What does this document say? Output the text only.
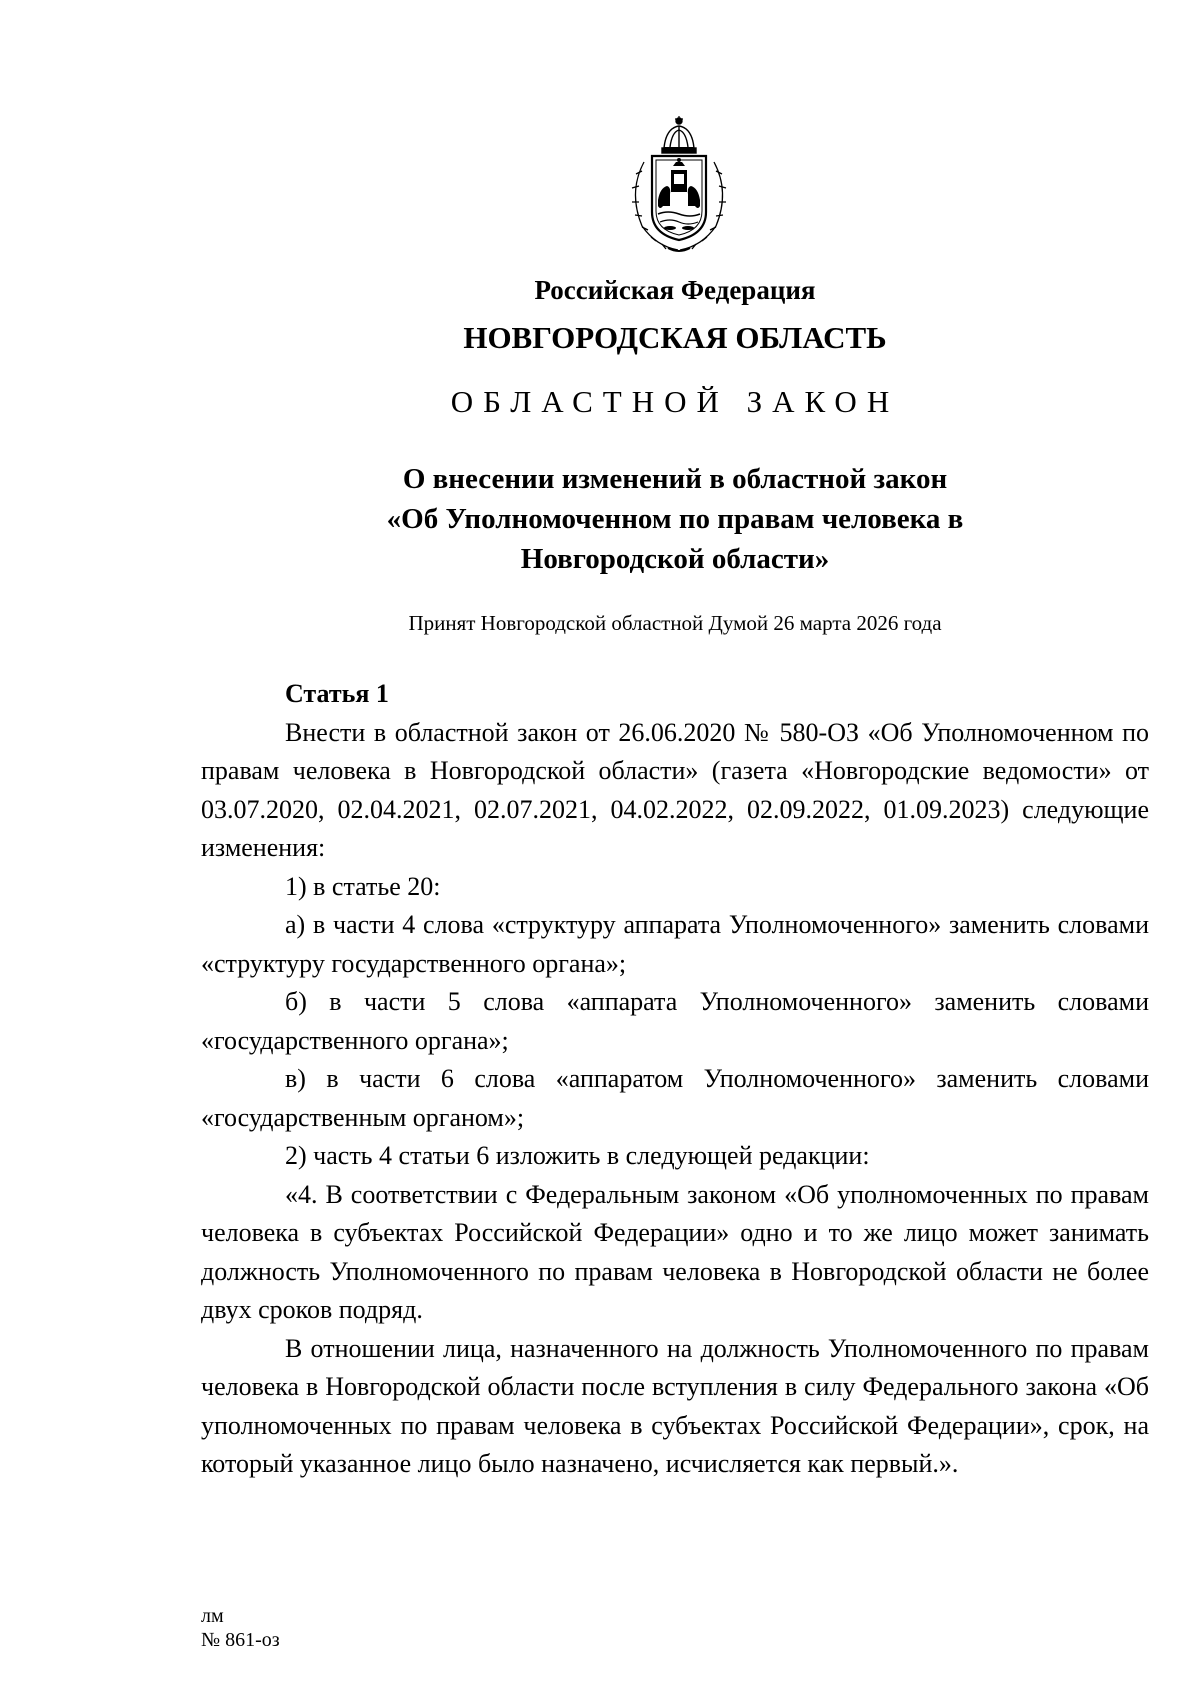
Российская Федерация

НОВГОРОДСКАЯ ОБЛАСТЬ

ОБЛАСТНОЙ ЗАКОН

О внесении изменений в областной закон
«Об Уполномоченном по правам человека в
Новгородской области»

Принят Новгородской областной Думой 26 марта 2026 года

Статья 1

Внести в областной закон от 26.06.2020 № 580-ОЗ «Об Уполномоченном по правам человека в Новгородской области» (газета «Новгородские ведомости» от 03.07.2020, 02.04.2021, 02.07.2021, 04.02.2022, 02.09.2022, 01.09.2023) следующие изменения:

1) в статье 20:

а) в части 4 слова «структуру аппарата Уполномоченного» заменить словами «структуру государственного органа»;

б) в части 5 слова «аппарата Уполномоченного» заменить словами «государственного органа»;

в) в части 6 слова «аппаратом Уполномоченного» заменить словами «государственным органом»;

2) часть 4 статьи 6 изложить в следующей редакции:

«4. В соответствии с Федеральным законом «Об уполномоченных по правам человека в субъектах Российской Федерации» одно и то же лицо может занимать должность Уполномоченного по правам человека в Новгородской области не более двух сроков подряд.

В отношении лица, назначенного на должность Уполномоченного по правам человека в Новгородской области после вступления в силу Федерального закона «Об уполномоченных по правам человека в субъектах Российской Федерации», срок, на который указанное лицо было назначено, исчисляется как первый.».

лм
№ 861-оз
